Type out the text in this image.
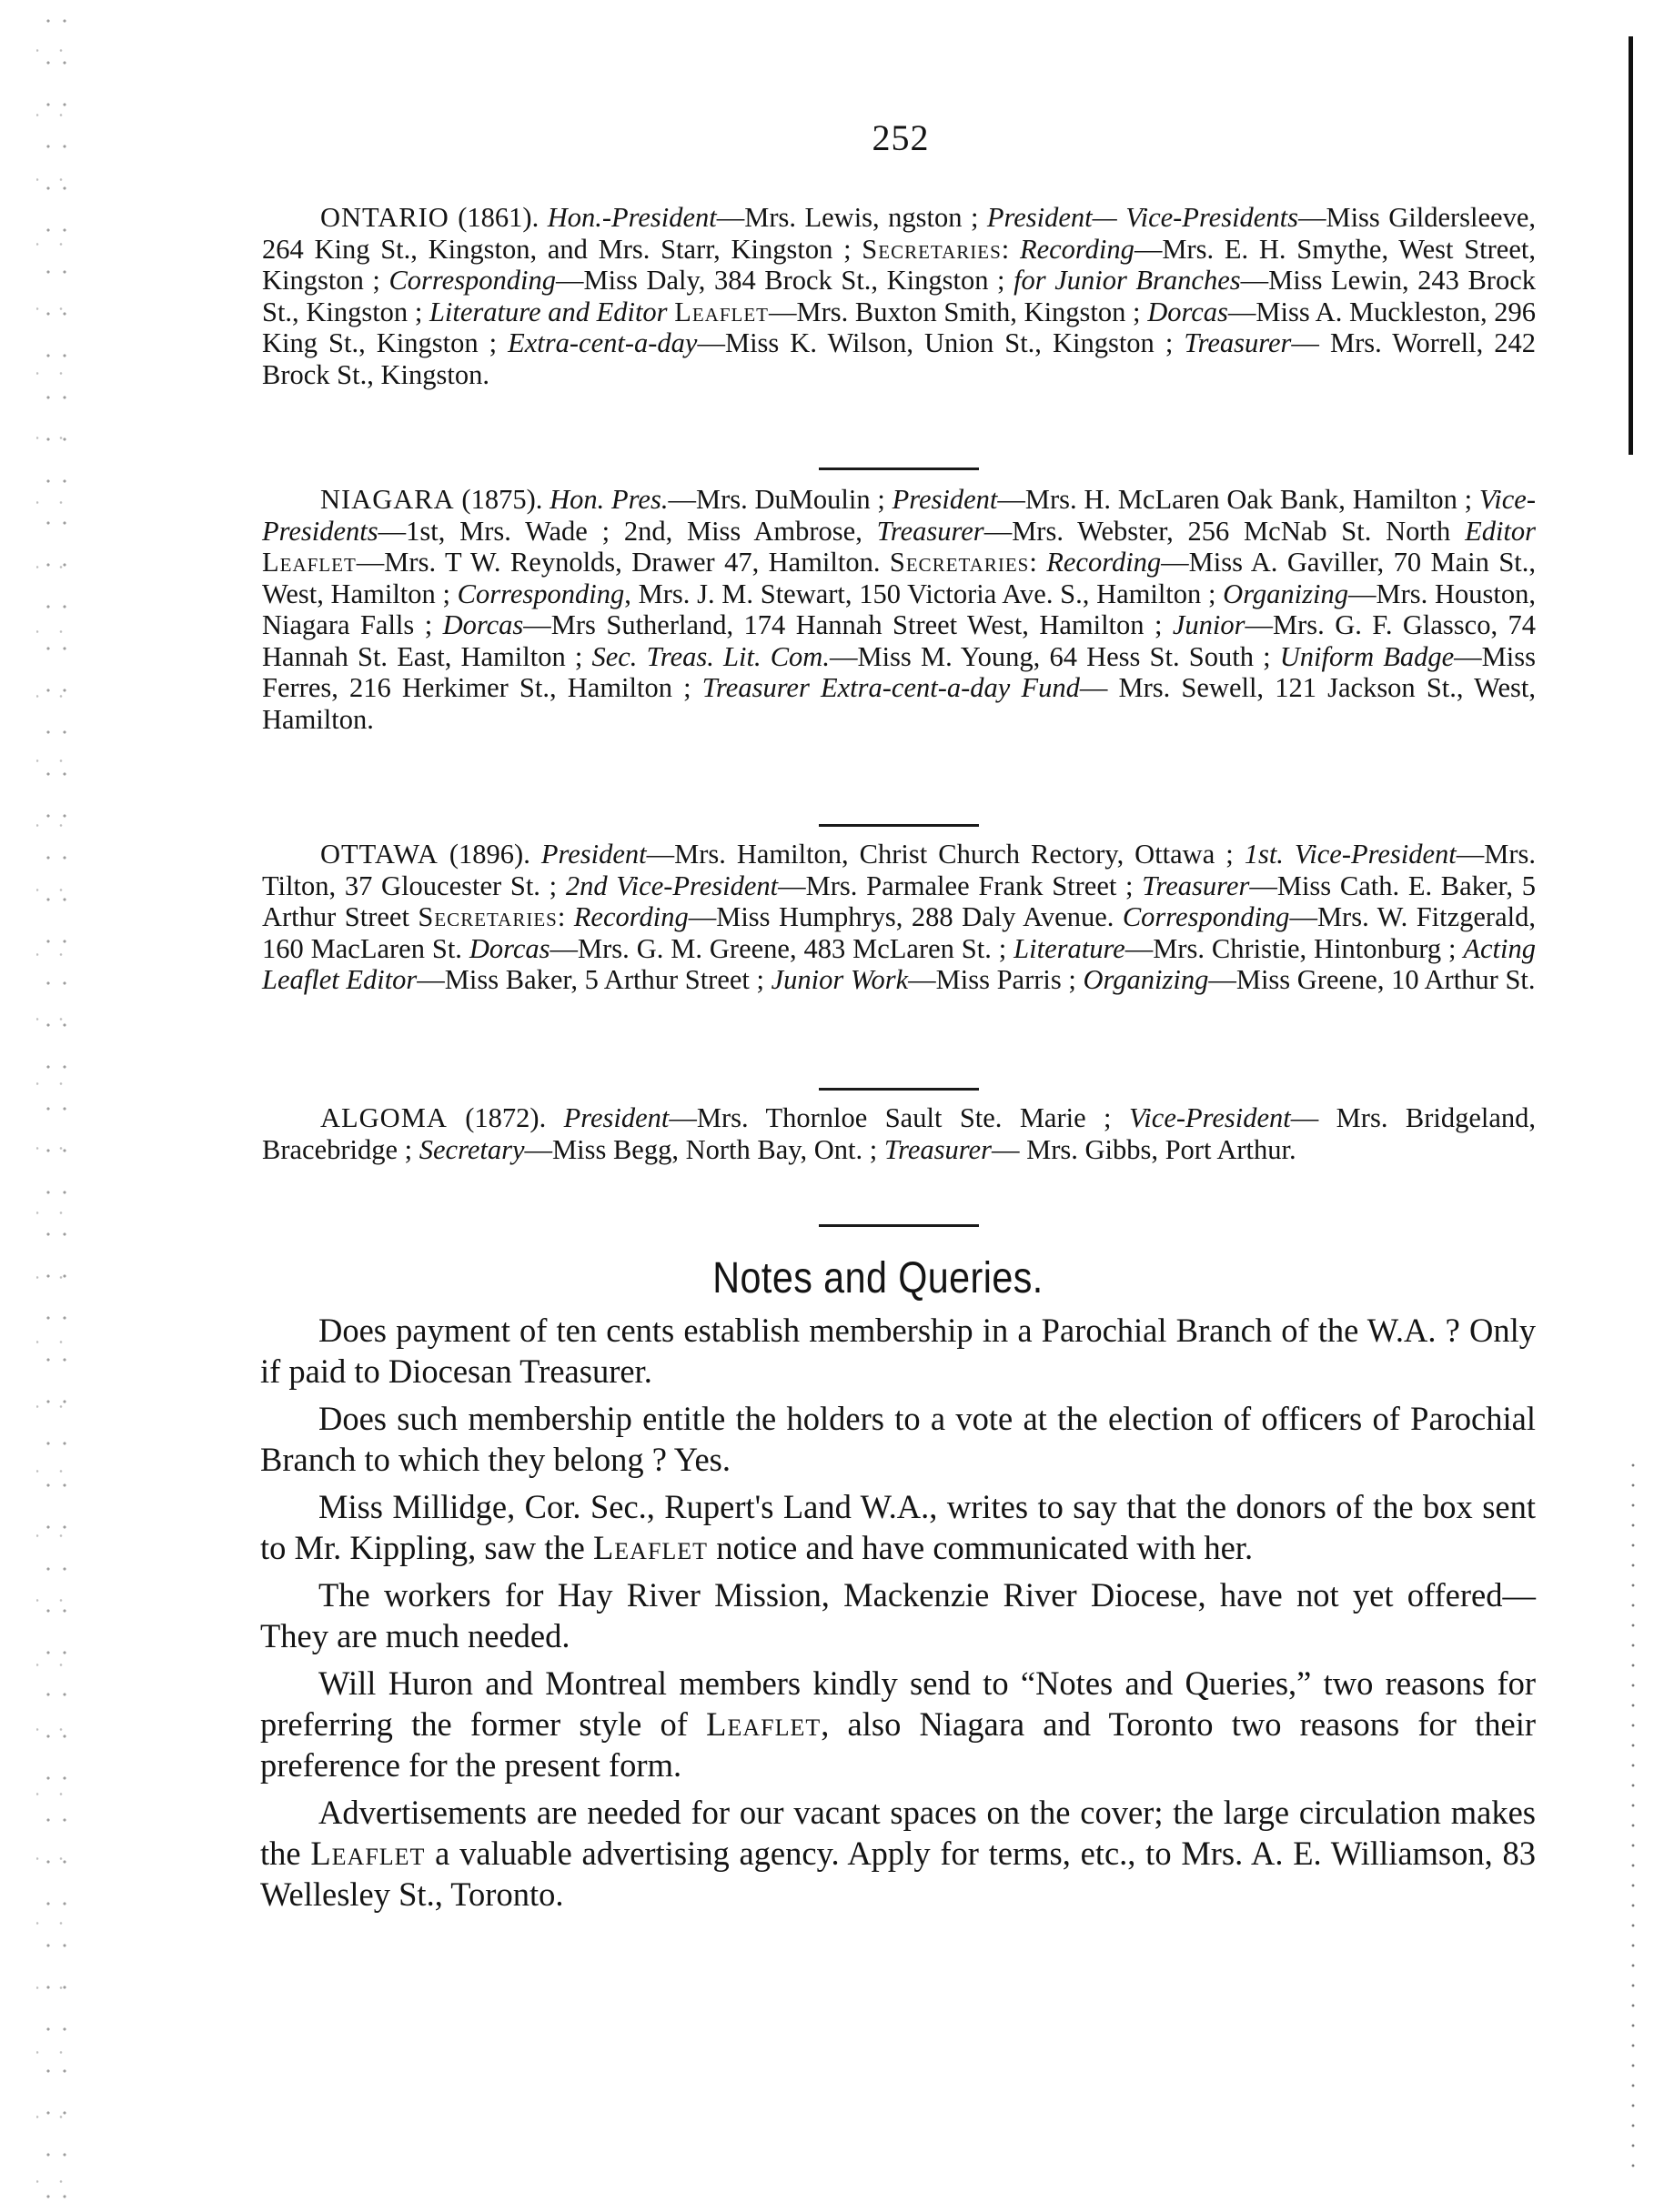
252

ONTARIO (1861). Hon.-President—Mrs. Lewis, ngston ; President— Vice-Presidents—Miss Gildersleeve, 264 King St., Kingston, and Mrs. Starr, Kingston ; Secretaries: Recording—Mrs. E. H. Smythe, West Street, Kingston ; Corresponding—Miss Daly, 384 Brock St., Kingston ; for Junior Branches—Miss Lewin, 243 Brock St., Kingston ; Literature and Editor Leaflet—Mrs. Buxton Smith, Kingston ; Dorcas—Miss A. Muckleston, 296 King St., Kingston ; Extra-cent-a-day—Miss K. Wilson, Union St., Kingston ; Treasurer— Mrs. Worrell, 242 Brock St., Kingston.

NIAGARA (1875). Hon. Pres.—Mrs. DuMoulin ; President—Mrs. H. McLaren Oak Bank, Hamilton ; Vice-Presidents—1st, Mrs. Wade ; 2nd, Miss Ambrose, Treasurer—Mrs. Webster, 256 McNab St. North Editor Leaflet—Mrs. T W. Reynolds, Drawer 47, Hamilton. Secretaries: Recording—Miss A. Gaviller, 70 Main St., West, Hamilton ; Corresponding, Mrs. J. M. Stewart, 150 Victoria Ave. S., Hamilton ; Organizing—Mrs. Houston, Niagara Falls ; Dorcas—Mrs Sutherland, 174 Hannah Street West, Hamilton ; Junior—Mrs. G. F. Glassco, 74 Hannah St. East, Hamilton ; Sec. Treas. Lit. Com.—Miss M. Young, 64 Hess St. South ; Uniform Badge—Miss Ferres, 216 Herkimer St., Hamilton ; Treasurer Extra-cent-a-day Fund— Mrs. Sewell, 121 Jackson St., West, Hamilton.

OTTAWA (1896). President—Mrs. Hamilton, Christ Church Rectory, Ottawa ; 1st. Vice-President—Mrs. Tilton, 37 Gloucester St. ; 2nd Vice-President—Mrs. Parmalee Frank Street ; Treasurer—Miss Cath. E. Baker, 5 Arthur Street Secretaries: Recording—Miss Humphrys, 288 Daly Avenue. Corresponding—Mrs. W. Fitzgerald, 160 MacLaren St. Dorcas—Mrs. G. M. Greene, 483 McLaren St. ; Literature—Mrs. Christie, Hintonburg ; Acting Leaflet Editor—Miss Baker, 5 Arthur Street ; Junior Work—Miss Parris ; Organizing—Miss Greene, 10 Arthur St.

ALGOMA (1872). President—Mrs. Thornloe Sault Ste. Marie ; Vice-President— Mrs. Bridgeland, Bracebridge ; Secretary—Miss Begg, North Bay, Ont. ; Treasurer— Mrs. Gibbs, Port Arthur.

Notes and Queries.

Does payment of ten cents establish membership in a Parochial Branch of the W.A. ? Only if paid to Diocesan Treasurer.

Does such membership entitle the holders to a vote at the election of officers of Parochial Branch to which they belong ? Yes.

Miss Millidge, Cor. Sec., Rupert's Land W.A., writes to say that the donors of the box sent to Mr. Kippling, saw the Leaflet notice and have communicated with her.

The workers for Hay River Mission, Mackenzie River Diocese, have not yet offered—They are much needed.

Will Huron and Montreal members kindly send to “Notes and Queries,” two reasons for preferring the former style of Leaflet, also Niagara and Toronto two reasons for their preference for the present form.

Advertisements are needed for our vacant spaces on the cover; the large circulation makes the Leaflet a valuable advertising agency. Apply for terms, etc., to Mrs. A. E. Williamson, 83 Wellesley St., Toronto.
